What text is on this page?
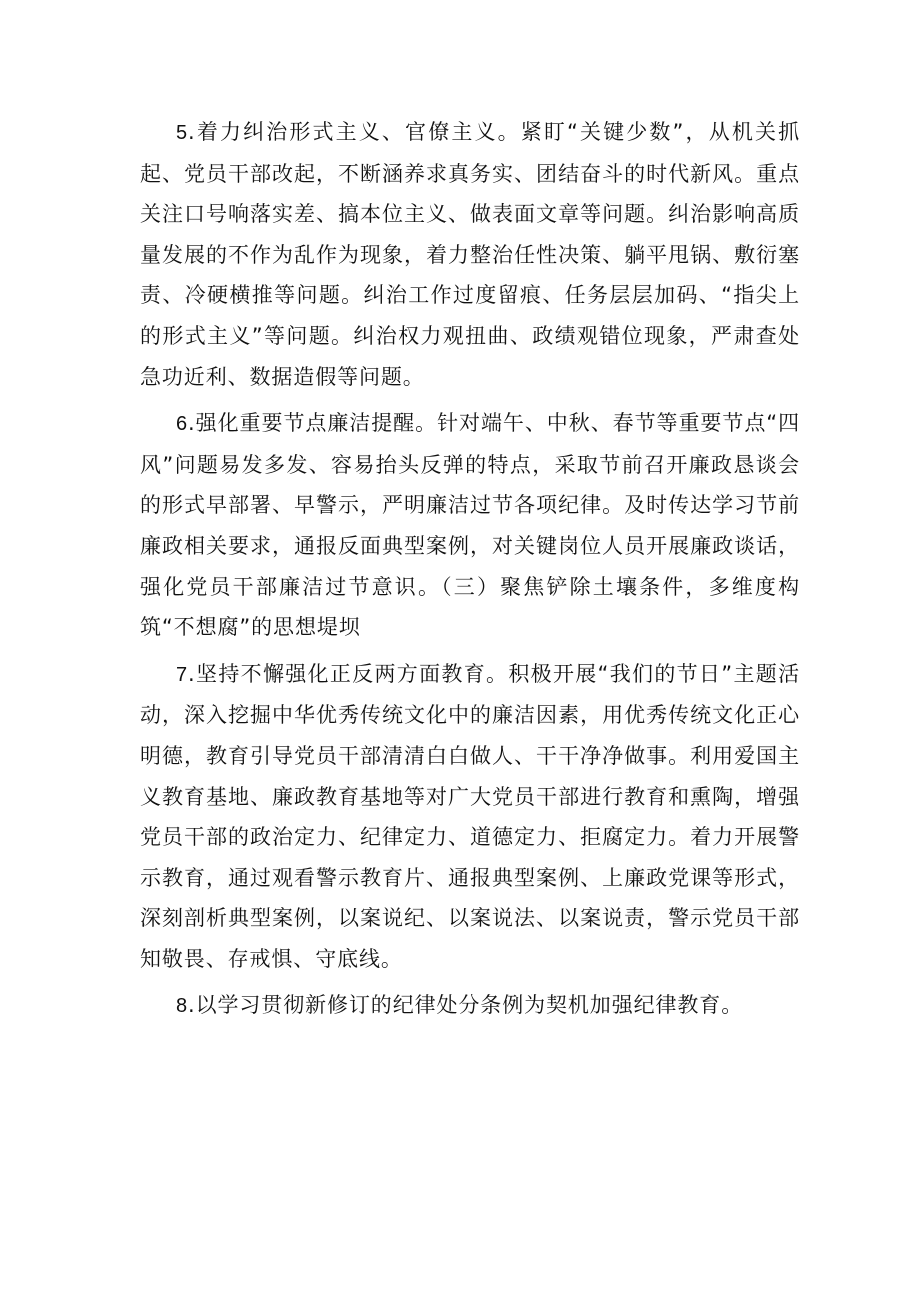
5.着力纠治形式主义、官僚主义。紧盯“关键少数”，从机关抓起、党员干部改起，不断涵养求真务实、团结奋斗的时代新风。重点关注口号响落实差、搞本位主义、做表面文章等问题。纠治影响高质量发展的不作为乱作为现象，着力整治任性决策、躺平甩锅、敷衍塞责、冷硬横推等问题。纠治工作过度留痕、任务层层加码、“指尖上的形式主义”等问题。纠治权力观扭曲、政绩观错位现象，严肃查处急功近利、数据造假等问题。

6.强化重要节点廉洁提醒。针对端午、中秋、春节等重要节点“四风”问题易发多发、容易抬头反弹的特点，采取节前召开廉政恳谈会的形式早部署、早警示，严明廉洁过节各项纪律。及时传达学习节前廉政相关要求，通报反面典型案例，对关键岗位人员开展廉政谈话，强化党员干部廉洁过节意识。（三）聚焦铲除土壤条件，多维度构筑“不想腐”的思想堤坝

7.坚持不懈强化正反两方面教育。积极开展“我们的节日”主题活动，深入挖掘中华优秀传统文化中的廉洁因素，用优秀传统文化正心明德，教育引导党员干部清清白白做人、干干净净做事。利用爱国主义教育基地、廉政教育基地等对广大党员干部进行教育和熏陶，增强党员干部的政治定力、纪律定力、道德定力、拒腐定力。着力开展警示教育，通过观看警示教育片、通报典型案例、上廉政党课等形式，深刻剖析典型案例，以案说纪、以案说法、以案说责，警示党员干部知敬畏、存戒惧、守底线。

8.以学习贯彻新修订的纪律处分条例为契机加强纪律教育。
